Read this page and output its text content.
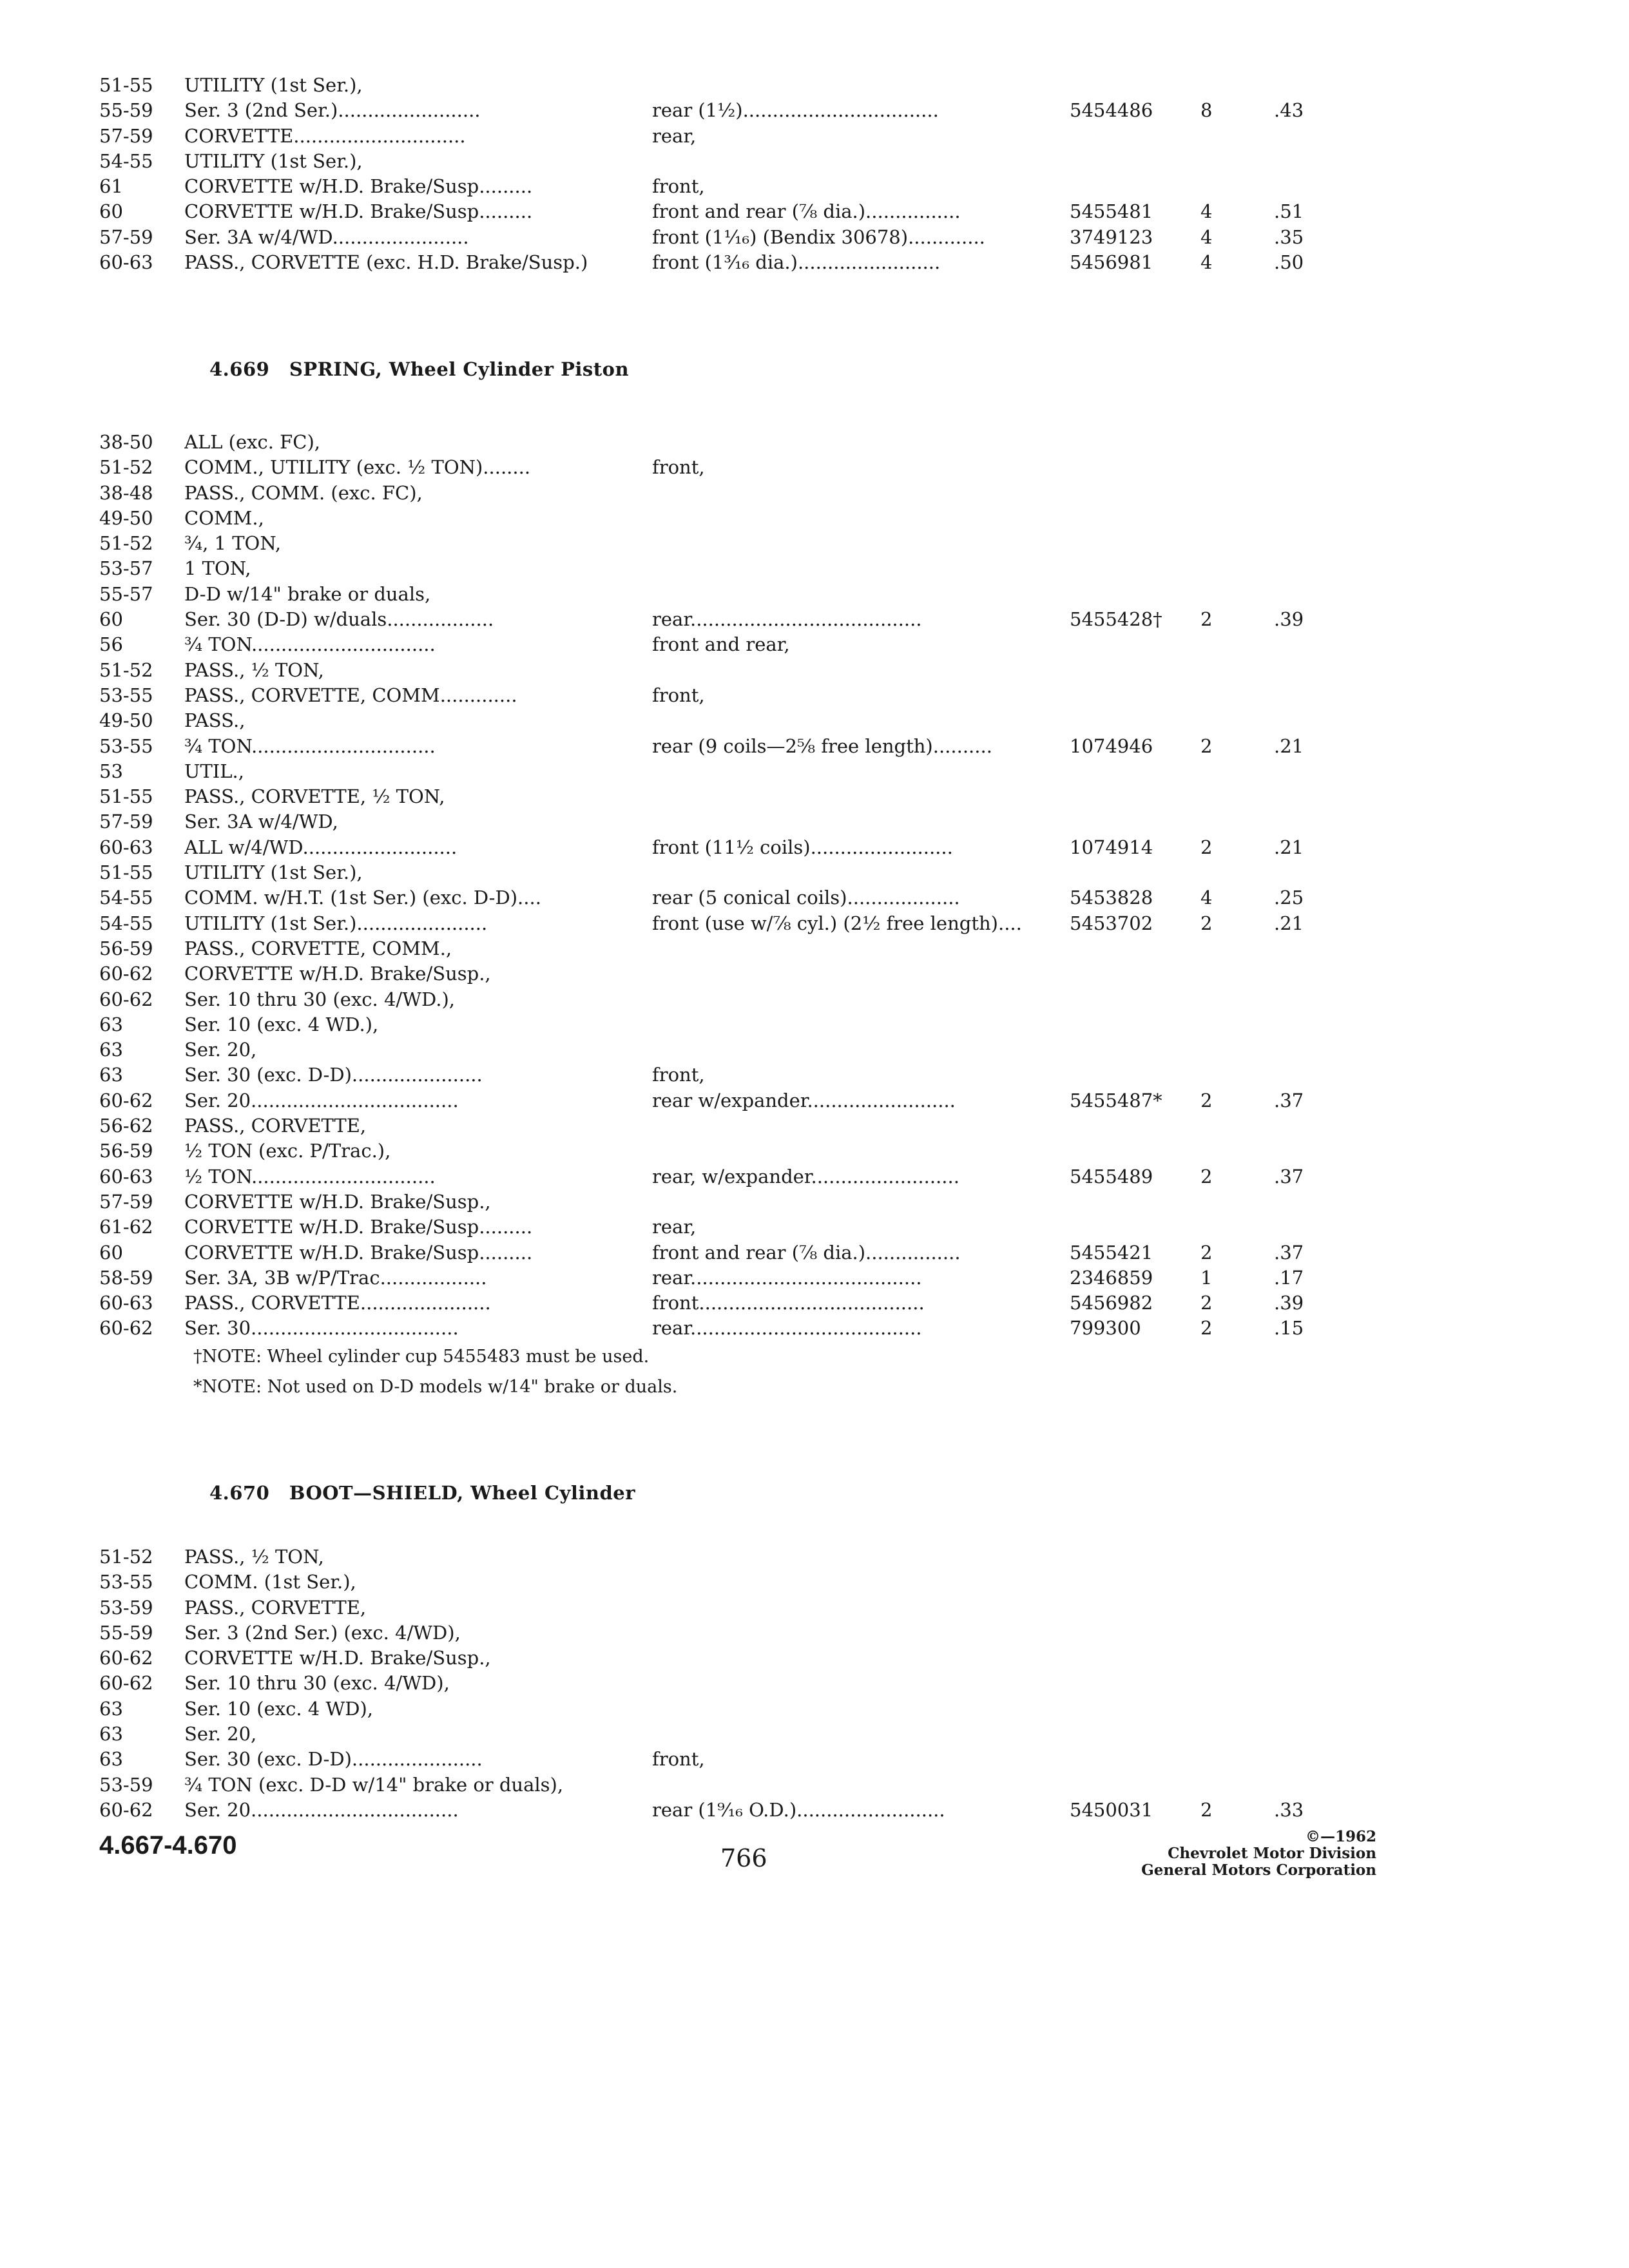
51-55 UTILITY (1st Ser.),
55-59 Ser. 3 (2nd Ser.)........................	rear (1½).................................	5454486	8	.43
57-59 CORVETTE.............................	rear,
54-55 UTILITY (1st Ser.),
61	CORVETTE w/H.D. Brake/Susp.........	front,
60	CORVETTE w/H.D. Brake/Susp.........	front and rear (⅞ dia.)................	5455481	4	.51
57-59 Ser. 3A w/4/WD.......................	front (1¹⁄₁₆) (Bendix 30678).............	3749123	4	.35
60-63 PASS., CORVETTE (exc. H.D. Brake/Susp.)	front (1³⁄₁₆ dia.)........................	5456981	4	.50
4.669 SPRING, Wheel Cylinder Piston
38-50 ALL (exc. FC),
51-52 COMM., UTILITY (exc. ½ TON)........	front,
38-48 PASS., COMM. (exc. FC),
49-50 COMM.,
51-52 ¾, 1 TON,
53-57 1 TON,
55-57 D-D w/14" brake or duals,
60	Ser. 30 (D-D) w/duals..................	rear.......................................	5455428† 2	.39
56	¾ TON...............................	front and rear,
51-52 PASS., ½ TON,
53-55 PASS., CORVETTE, COMM.............	front,
49-50 PASS.,
53-55 ¾ TON...............................	rear (9 coils—2⅝ free length)..........	1074946	2	.21
53	UTIL.,
51-55 PASS., CORVETTE, ½ TON,
57-59 Ser. 3A w/4/WD,
60-63 ALL w/4/WD..........................	front (11½ coils)........................	1074914	2	.21
51-55 UTILITY (1st Ser.),
54-55 COMM. w/H.T. (1st Ser.) (exc. D-D)....	rear (5 conical coils)...................	5453828	4	.25
54-55 UTILITY (1st Ser.)......................	front (use w/⅞ cyl.) (2½ free length)....	5453702	2	.21
56-59 PASS., CORVETTE, COMM.,
60-62 CORVETTE w/H.D. Brake/Susp.,
60-62 Ser. 10 thru 30 (exc. 4/WD.),
63	Ser. 10 (exc. 4 WD.),
63	Ser. 20,
63	Ser. 30 (exc. D-D)......................	front,
60-62 Ser. 20...................................	rear w/expander.........................	5455487* 2	.37
56-62 PASS., CORVETTE,
56-59 ½ TON (exc. P/Trac.),
60-63 ½ TON...............................	rear, w/expander.........................	5455489	2	.37
57-59 CORVETTE w/H.D. Brake/Susp.,
61-62 CORVETTE w/H.D. Brake/Susp.........	rear,
60	CORVETTE w/H.D. Brake/Susp.........	front and rear (⅞ dia.)................	5455421	2	.37
58-59 Ser. 3A, 3B w/P/Trac..................	rear.......................................	2346859	1	.17
60-63 PASS., CORVETTE......................	front......................................	5456982	2	.39
60-62 Ser. 30...................................	rear.......................................	799300	2	.15
†NOTE: Wheel cylinder cup 5455483 must be used.
*NOTE: Not used on D-D models w/14" brake or duals.
4.670 BOOT—SHIELD, Wheel Cylinder
51-52 PASS., ½ TON,
53-55 COMM. (1st Ser.),
53-59 PASS., CORVETTE,
55-59 Ser. 3 (2nd Ser.) (exc. 4/WD),
60-62 CORVETTE w/H.D. Brake/Susp.,
60-62 Ser. 10 thru 30 (exc. 4/WD),
63	Ser. 10 (exc. 4 WD),
63	Ser. 20,
63	Ser. 30 (exc. D-D)......................	front,
53-59 ¾ TON (exc. D-D w/14" brake or duals),
60-62 Ser. 20...................................	rear (1⁹⁄₁₆ O.D.).........................	5450031	2	.33
4.667-4.670	766
©—1962
Chevrolet Motor Division
General Motors Corporation
